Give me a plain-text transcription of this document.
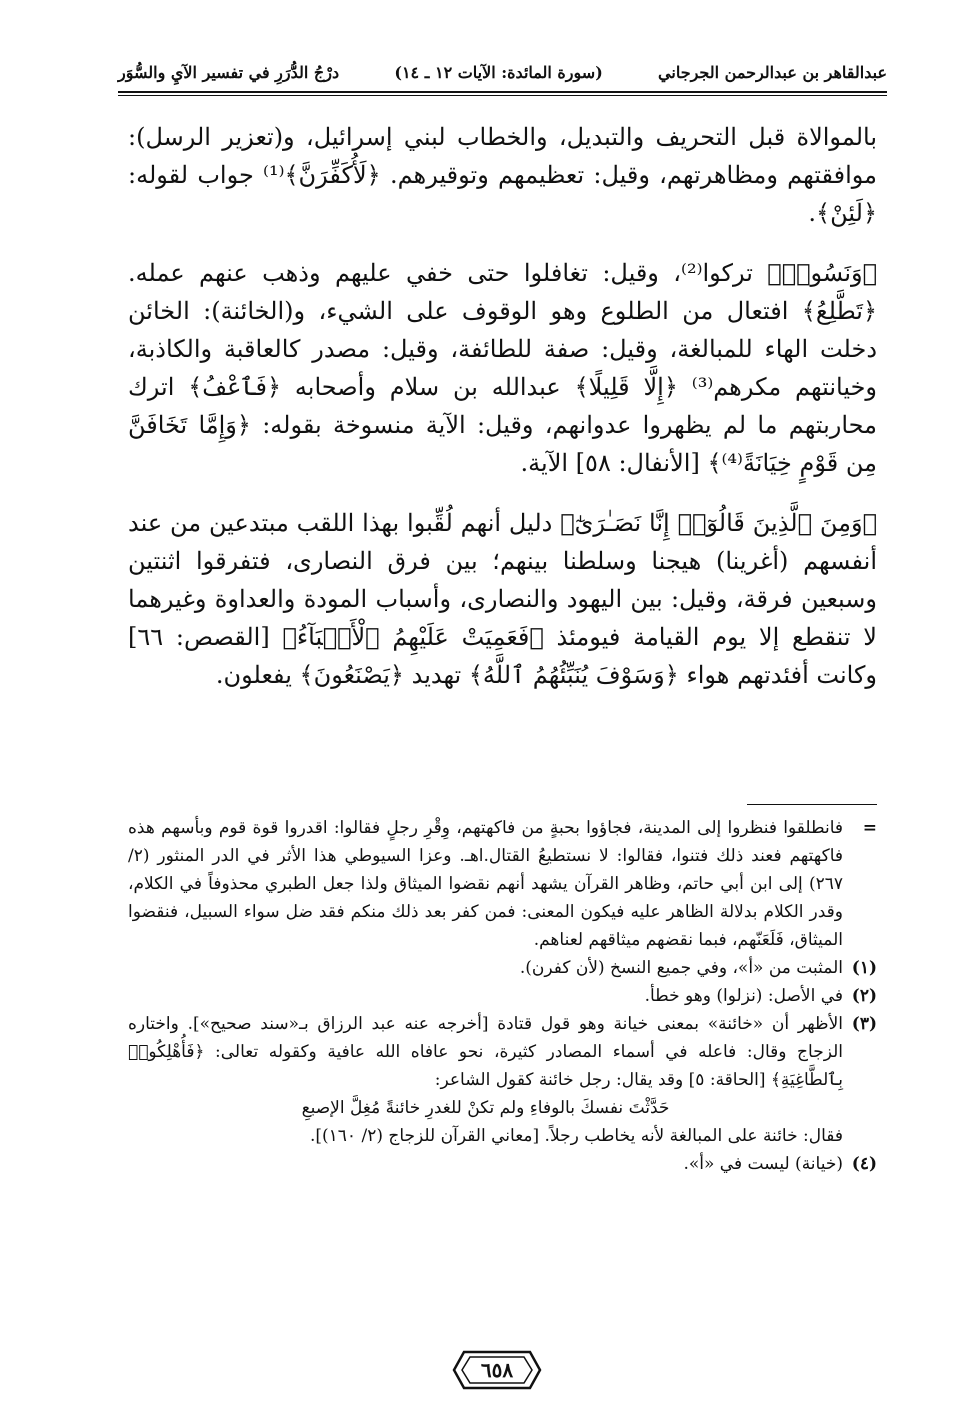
عبدالقاهر بن عبدالرحمن الجرجاني
(سورة المائدة: الآيات ١٢ ـ ١٤)
درْجُ الدُّرَرِ في تفسير الآيِ والسُّوَر

بالموالاة قبل التحريف والتبديل، والخطاب لبني إسرائيل، و(تعزير الرسل): موافقتهم ومظاهرتهم، وقيل: تعظيمهم وتوقيرهم. ﴿لَأُكَفِّرَنَّ﴾⁽¹⁾ جواب لقوله: ﴿لَئِنْ﴾.

﴿وَنَسُوا۟﴾ تركوا⁽²⁾، وقيل: تغافلوا حتى خفي عليهم وذهب عنهم عمله. ﴿تَطَّلِعُ﴾ افتعال من الطلوع وهو الوقوف على الشيء، و(الخائنة): الخائن دخلت الهاء للمبالغة، وقيل: صفة للطائفة، وقيل: مصدر كالعاقبة والكاذبة، وخيانتهم مكرهم⁽³⁾ ﴿إِلَّا قَلِيلًا﴾ عبدالله بن سلام وأصحابه ﴿فَٱعْفُ﴾ اترك محاربتهم ما لم يظهروا عدوانهم، وقيل: الآية منسوخة بقوله: ﴿وَإِمَّا تَخَافَنَّ مِن قَوْمٍ خِيَانَةً⁽⁴⁾﴾ [الأنفال: ٥٨] الآية.

﴿وَمِنَ ٱلَّذِينَ قَالُوٓا۟ إِنَّا نَصَـٰرَىٰٓ﴾ دليل أنهم لُقِّبوا بهذا اللقب مبتدعين من عند أنفسهم (أغرينا) هيجنا وسلطنا بينهم؛ بين فرق النصارى، فتفرقوا اثنتين وسبعين فرقة، وقيل: بين اليهود والنصارى، وأسباب المودة والعداوة وغيرهما لا تنقطع إلا يوم القيامة فيومئذ ﴿فَعَمِيَتْ عَلَيْهِمُ ٱلْأَنۢبَآءُ﴾ [القصص: ٦٦] وكانت أفئدتهم هواء ﴿وَسَوْفَ يُنَبِّئُهُمُ ٱللَّهُ﴾ تهديد ﴿يَصْنَعُونَ﴾ يفعلون.

=
فانطلقوا فنظروا إلى المدينة، فجاؤوا بحبةٍ من فاكهتهم، وِقْرِ رجلٍ فقالوا: اقدروا قوة قوم وبأسهم هذه فاكهتهم فعند ذلك فتنوا، فقالوا: لا نستطيعُ القتال.اهـ. وعزا السيوطي هذا الأثر في الدر المنثور (٢/ ٢٦٧) إلى ابن أبي حاتم، وظاهر القرآن يشهد أنهم نقضوا الميثاق ولذا جعل الطبري محذوفاً في الكلام، وقدر الكلام بدلالة الظاهر عليه فيكون المعنى: فمن كفر بعد ذلك منكم فقد ضل سواء السبيل، فنقضوا الميثاق، فَلَعَنّهم، فبما نقضهم ميثاقهم لعناهم.
(١)
المثبت من «أ»، وفي جميع النسخ (لأن كفرن).
(٢)
في الأصل: (نزلوا) وهو خطأ.
(٣)

الأظهر أن «خائنة» بمعنى خيانة وهو قول قتادة [أخرجه عنه عبد الرزاق بـ«سند صحيح»]. واختاره الزجاج وقال: فاعله في أسماء المصادر كثيرة، نحو عافاه الله عافية وكقوله تعالى: ﴿فَأُهْلِكُوا۟ بِٱلطَّاغِيَةِ﴾ [الحاقة: ٥] وقد يقال: رجل خائنة كقول الشاعر:

حَدَّثْتَ نفسكَ بالوفاءِ ولم تكنْ للغدرِ خائنةً مُغِلَّ الإصبعِ

فقال: خائنة على المبالغة لأنه يخاطب رجلاً. [معاني القرآن للزجاج (٢/ ١٦٠)].

(٤)
(خيانة) ليست في «أ».
٦٥٨
